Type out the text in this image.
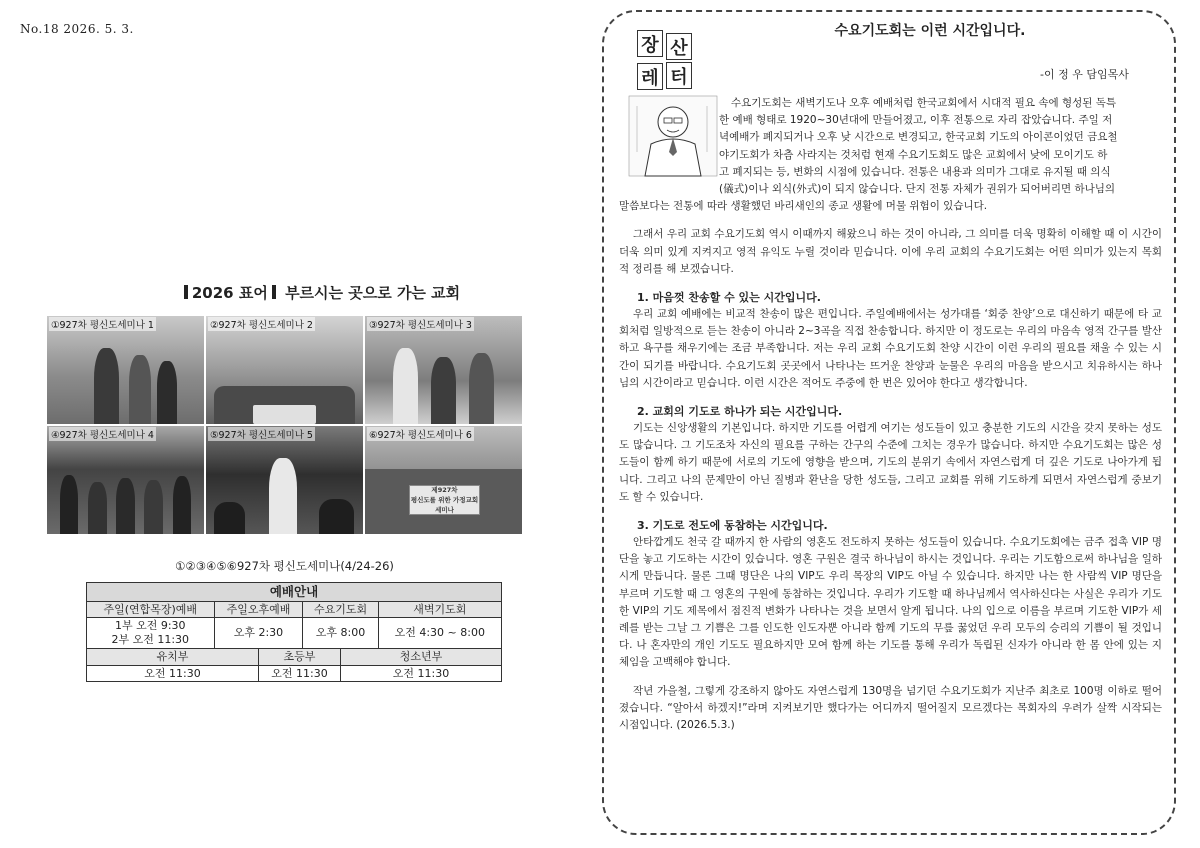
No.18 2026. 5. 3.
2026 표어 부르시는 곳으로 가는 교회
①927차 평신도세미나 1	②927차 평신도세미나 2	③927차 평신도세미나 3
④927차 평신도세미나 4	⑤927차 평신도세미나 5	⑥927차 평신도세미나 6
제927차
평신도를 위한 가정교회 세미나
①②③④⑤⑥927차 평신도세미나(4/24-26)
예배안내					
주일(연합목장)예배	주일오후예배		수요기도회		새벽기도회

1부 오전 9:30
2부 오전 11:30	오후 2:30		오후 8:00		오전 4:30 ~ 8:00
유치부		초등부		청소년부	
오전 11:30		오전 11:30		오전 11:30	
장 산
레 터
수요기도회는 이런 시간입니다.
-이 정 우 담임목사
수요기도회는 새벽기도나 오후 예배처럼 한국교회에서 시대적 필요 속에 형성된 독특
한 예배 형태로 1920~30년대에 만들어졌고, 이후 전통으로 자리 잡았습니다. 주일 저
녁예배가 폐지되거나 오후 낮 시간으로 변경되고, 한국교회 기도의 아이콘이었던 금요철
야기도회가 차츰 사라지는 것처럼 현재 수요기도회도 많은 교회에서 낮에 모이기도 하
고 폐지되는 등, 변화의 시점에 있습니다. 전통은 내용과 의미가 그대로 유지될 때 의식
(儀式)이나 외식(外式)이 되지 않습니다. 단지 전통 자체가 권위가 되어버리면 하나님의

말씀보다는 전통에 따라 생활했던 바리새인의 종교 생활에 머물 위험이 있습니다.

그래서 우리 교회 수요기도회 역시 이때까지 해왔으니 하는 것이 아니라, 그 의미를 더욱 명확히 이해할 때 이 시간이 더욱 의미 있게 지켜지고 영적 유익도 누릴 것이라 믿습니다. 이에 우리 교회의 수요기도회는 어떤 의미가 있는지 목회적 정리를 해 보겠습니다.

1. 마음껏 찬송할 수 있는 시간입니다.

우리 교회 예배에는 비교적 찬송이 많은 편입니다. 주일예배에서는 성가대를 ‘회중 찬양’으로 대신하기 때문에 타 교회처럼 일방적으로 듣는 찬송이 아니라 2~3곡을 직접 찬송합니다. 하지만 이 정도로는 우리의 마음속 영적 간구를 발산하고 욕구를 채우기에는 조금 부족합니다. 저는 우리 교회 수요기도회 찬양 시간이 이런 우리의 필요를 채울 수 있는 시간이 되기를 바랍니다. 수요기도회 곳곳에서 나타나는 뜨거운 찬양과 눈물은 우리의 마음을 받으시고 치유하시는 하나님의 시간이라고 믿습니다. 이런 시간은 적어도 주중에 한 번은 있어야 한다고 생각합니다.

2. 교회의 기도로 하나가 되는 시간입니다.

기도는 신앙생활의 기본입니다. 하지만 기도를 어렵게 여기는 성도들이 있고 충분한 기도의 시간을 갖지 못하는 성도도 많습니다. 그 기도조차 자신의 필요를 구하는 간구의 수준에 그치는 경우가 많습니다. 하지만 수요기도회는 많은 성도들이 함께 하기 때문에 서로의 기도에 영향을 받으며, 기도의 분위기 속에서 자연스럽게 더 깊은 기도로 나아가게 됩니다. 그리고 나의 문제만이 아닌 질병과 환난을 당한 성도들, 그리고 교회를 위해 기도하게 되면서 자연스럽게 중보기도 할 수 있습니다.

3. 기도로 전도에 동참하는 시간입니다.

안타깝게도 천국 갈 때까지 한 사람의 영혼도 전도하지 못하는 성도들이 있습니다. 수요기도회에는 금주 접촉 VIP 명단을 놓고 기도하는 시간이 있습니다. 영혼 구원은 결국 하나님이 하시는 것입니다. 우리는 기도함으로써 하나님을 일하시게 만듭니다. 물론 그때 명단은 나의 VIP도 우리 목장의 VIP도 아닐 수 있습니다. 하지만 나는 한 사람씩 VIP 명단을 부르며 기도할 때 그 영혼의 구원에 동참하는 것입니다. 우리가 기도할 때 하나님께서 역사하신다는 사실은 우리가 기도한 VIP의 기도 제목에서 점진적 변화가 나타나는 것을 보면서 알게 됩니다. 나의 입으로 이름을 부르며 기도한 VIP가 세례를 받는 그날 그 기쁨은 그를 인도한 인도자뿐 아니라 함께 기도의 무릎 꿇었던 우리 모두의 승리의 기쁨이 될 것입니다. 나 혼자만의 개인 기도도 필요하지만 모여 함께 하는 기도를 통해 우리가 독립된 신자가 아니라 한 몸 안에 있는 지체임을 고백해야 합니다.

작년 가을철, 그렇게 강조하지 않아도 자연스럽게 130명을 넘기던 수요기도회가 지난주 최초로 100명 이하로 떨어졌습니다. “알아서 하겠지!”라며 지켜보기만 했다가는 어디까지 떨어질지 모르겠다는 목회자의 우려가 살짝 시작되는 시점입니다. (2026.5.3.)
